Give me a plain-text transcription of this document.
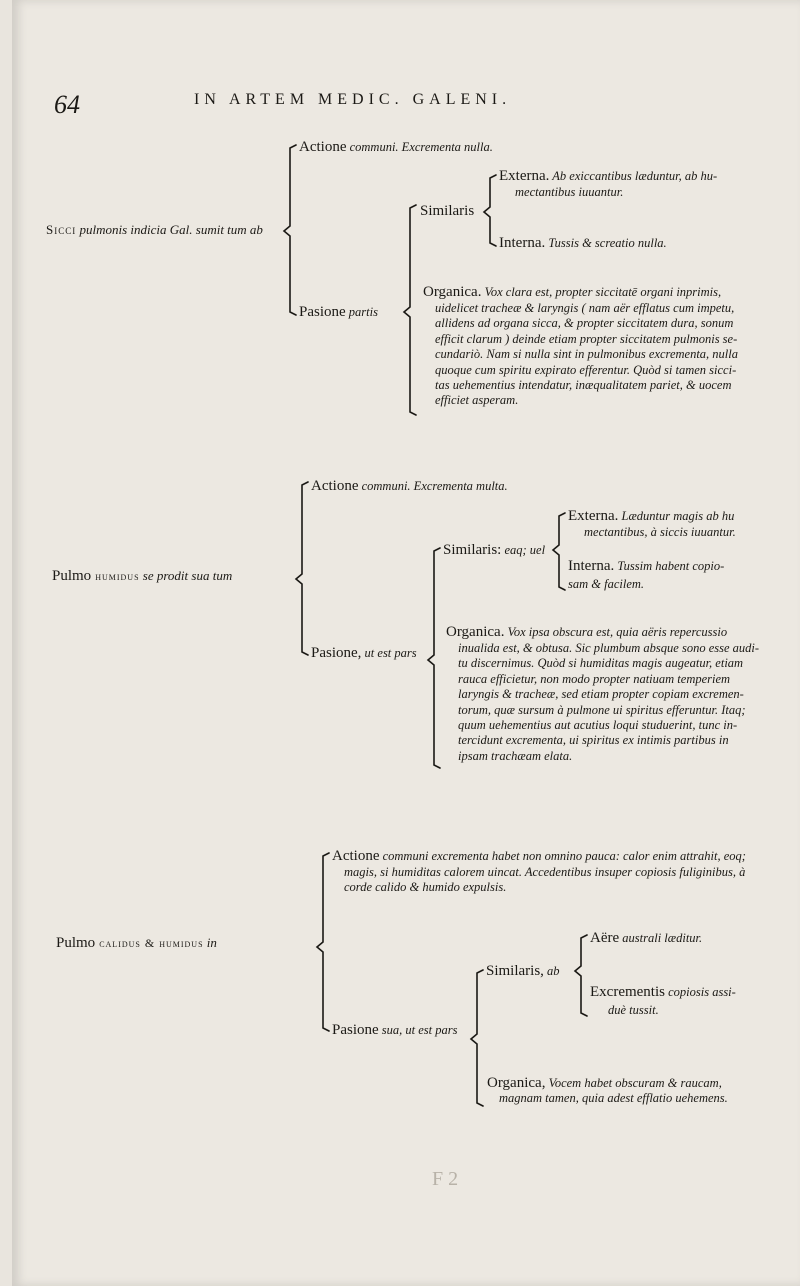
64	IN ARTEM MEDIC. GALENI.
Sicci pulmonis indicia Gal. sumit tum ab
Actione communi. Excrementa nulla.
Pasione partis
Similaris
Externa. Ab exiccantibus læduntur, ab hu-
mectantibus iuuantur.
Interna. Tussis & screatio nulla.
Organica. Vox clara est, propter siccitatē organi inprimis,
uidelicet tracheæ & laryngis ( nam aër efflatus cum impetu,
allidens ad organa sicca, & propter siccitatem dura, sonum
efficit clarum ) deinde etiam propter siccitatem pulmonis se-
cundariò. Nam si nulla sint in pulmonibus excrementa, nulla
quoque cum spiritu expirato efferentur. Quòd si tamen sicci-
tas uehementius intendatur, inæqualitatem pariet, & uocem
efficiet asperam.
Pulmo humidus se prodit sua tum
Actione communi. Excrementa multa.
Pasione, ut est pars
Similaris: eaq; uel
Externa. Læduntur magis ab hu
mectantibus, à siccis iuuantur.
Interna. Tussim habent copio-
sam & facilem.
Organica. Vox ipsa obscura est, quia aëris repercussio
inualida est, & obtusa. Sic plumbum absque sono esse audi-
tu discernimus. Quòd si humiditas magis augeatur, etiam
rauca efficietur, non modo propter natiuam temperiem
laryngis & tracheæ, sed etiam propter copiam excremen-
torum, quæ sursum à pulmone ui spiritus efferuntur. Itaq;
quum uehementius aut acutius loqui studuerint, tunc in-
tercidunt excrementa, ui spiritus ex intimis partibus in
ipsam trachæam elata.
Pulmo calidus & humidus in
Actione communi excrementa habet non omnino pauca: calor enim attrahit, eoq;
magis, si humiditas calorem uincat. Accedentibus insuper copiosis fuliginibus, à
corde calido & humido expulsis.
Pasione sua, ut est pars
Similaris, ab
Aëre australi læditur.
Excrementis copiosis assi-
duè tussit.
Organica, Vocem habet obscuram & raucam,
magnam tamen, quia adest efflatio uehemens.
F 2
